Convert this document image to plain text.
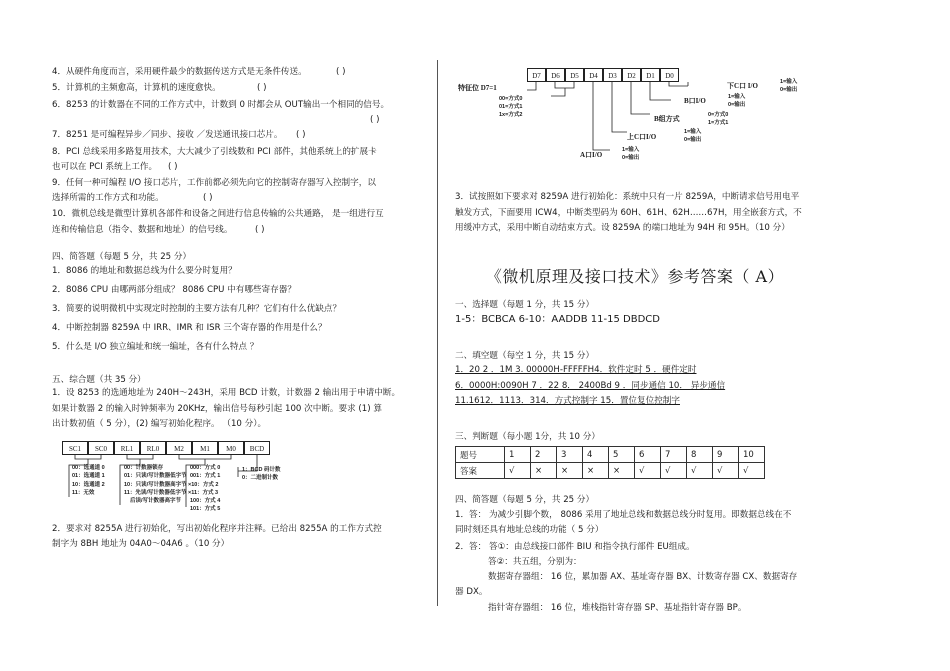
4．从硬件角度而言，采用硬件最少的数据传送方式是无条件传送。	( )
5．计算机的主频愈高，计算机的速度愈快。	( )
6．8253 的计数器在不同的工作方式中，计数到 0 时都会从 OUT输出一个相同的信号。
( )
7．8251 是可编程异步／同步、接收 ／发送通讯接口芯片。 ( )
8．PCI 总线采用多路复用技术，大大减少了引线数和 PCI 部件，其他系统上的扩展卡
也可以在 PCI 系统上工作。 ( )
9．任何一种可编程 I/O 接口芯片，工作前都必须先向它的控制寄存器写入控制字，以
选择所需的工作方式和功能。	( )
10．微机总线是微型计算机各部件和设备之间进行信息传输的公共通路， 是一组进行互
连和传输信息（指令、数据和地址）的信号线。	( )
四、简答题（每题 5 分，共 25 分）
1．8086 的地址和数据总线为什么要分时复用？
2．8086 CPU 由哪两部分组成？ 8086 CPU 中有哪些寄存器？
3．简要的说明微机中实现定时控制的主要方法有几种？它们有什么优缺点？
4．中断控制器 8259A 中 IRR、IMR 和 ISR 三个寄存器的作用是什么？
5．什么是 I/O 独立编址和统一编址，各有什么特点 ？
五、综合题（共 35 分）
1．设 8253 的选通地址为 240H～243H，采用 BCD 计数，计数器 2 输出用于申请中断。
如果计数器 2 的输入时钟频率为 20KHz，输出信号每秒引起 100 次中断。要求 (1) 算
出计数初值（ 5 分），(2) 编写初始化程序。 （10 分）。
SC1	SC0	RL1	RL0	M2	M1	M0	BCD
00：选通道 0
01：选通道 1
10：选通道 2
11：无效
00：计数器锁存
01：只读/写计数器低字节
10：只读/写计数器高字节
11：先读/写计数器低字节
后读/写计数器高字节
000：方式 0
001：方式 1
×10：方式 2
×11：方式 3
100：方式 4
101：方式 5
1：BCD 码计数
0：二进制计数
2．要求对 8255A 进行初始化，写出初始化程序并注释。已给出 8255A 的工作方式控
制字为 8BH 地址为 04A0～04A6 。（10 分）
D7	D6	D5	D4	D3	D2	D1	D0
特征位 D7=1
00=方式0
01=方式1
1x=方式2
下C口 I/O	1=输入
0=输出
B口I/O	1=输入
0=输出
B组方式	0=方式0
1=方式1
上C口I/O
1=输入
0=输出
A口I/O
1=输入
0=输出
3．试按照如下要求对 8259A 进行初始化：系统中只有一片 8259A，中断请求信号用电平
触发方式，下面要用 ICW4，中断类型码为 60H、61H、62H……67H，用全嵌套方式，不
用缓冲方式，采用中断自动结束方式。设 8259A 的端口地址为 94H 和 95H。（10 分）
《微机原理及接口技术》参考答案（ A）
一、选择题（每题 1 分，共 15 分）
1-5：BCBCA 6-10：AADDB 11-15 DBDCD
二、填空题（每空 1 分，共 15 分）
1．20 2 ．1M 3. 00000H-FFFFFH4．软件定时 5 ．硬件定时
6．0000H:0090H 7 ．22 8． 2400Bd 9 ．同步通信 10． 异步通信
11.1612．1113．314．方式控制字 15．置位复位控制字
三、判断题（每小题 1分，共 10 分）
题号	1	2	3	4	5	6	7	8	9	10
答案	√	×	×	×	×	√	√	√	√	√
四、简答题（每题 5 分，共 25 分）
1．答： 为减少引脚个数， 8086 采用了地址总线和数据总线分时复用。即数据总线在不
同时刻还具有地址总线的功能（ 5 分）
2．答： 答①：由总线接口部件 BIU 和指令执行部件 EU组成。
答②：共五组，分别为：
数据寄存器组： 16 位，累加器 AX、基址寄存器 BX、计数寄存器 CX、数据寄存
器 DX。
指针寄存器组： 16 位，堆栈指针寄存器 SP、基址指针寄存器 BP。
